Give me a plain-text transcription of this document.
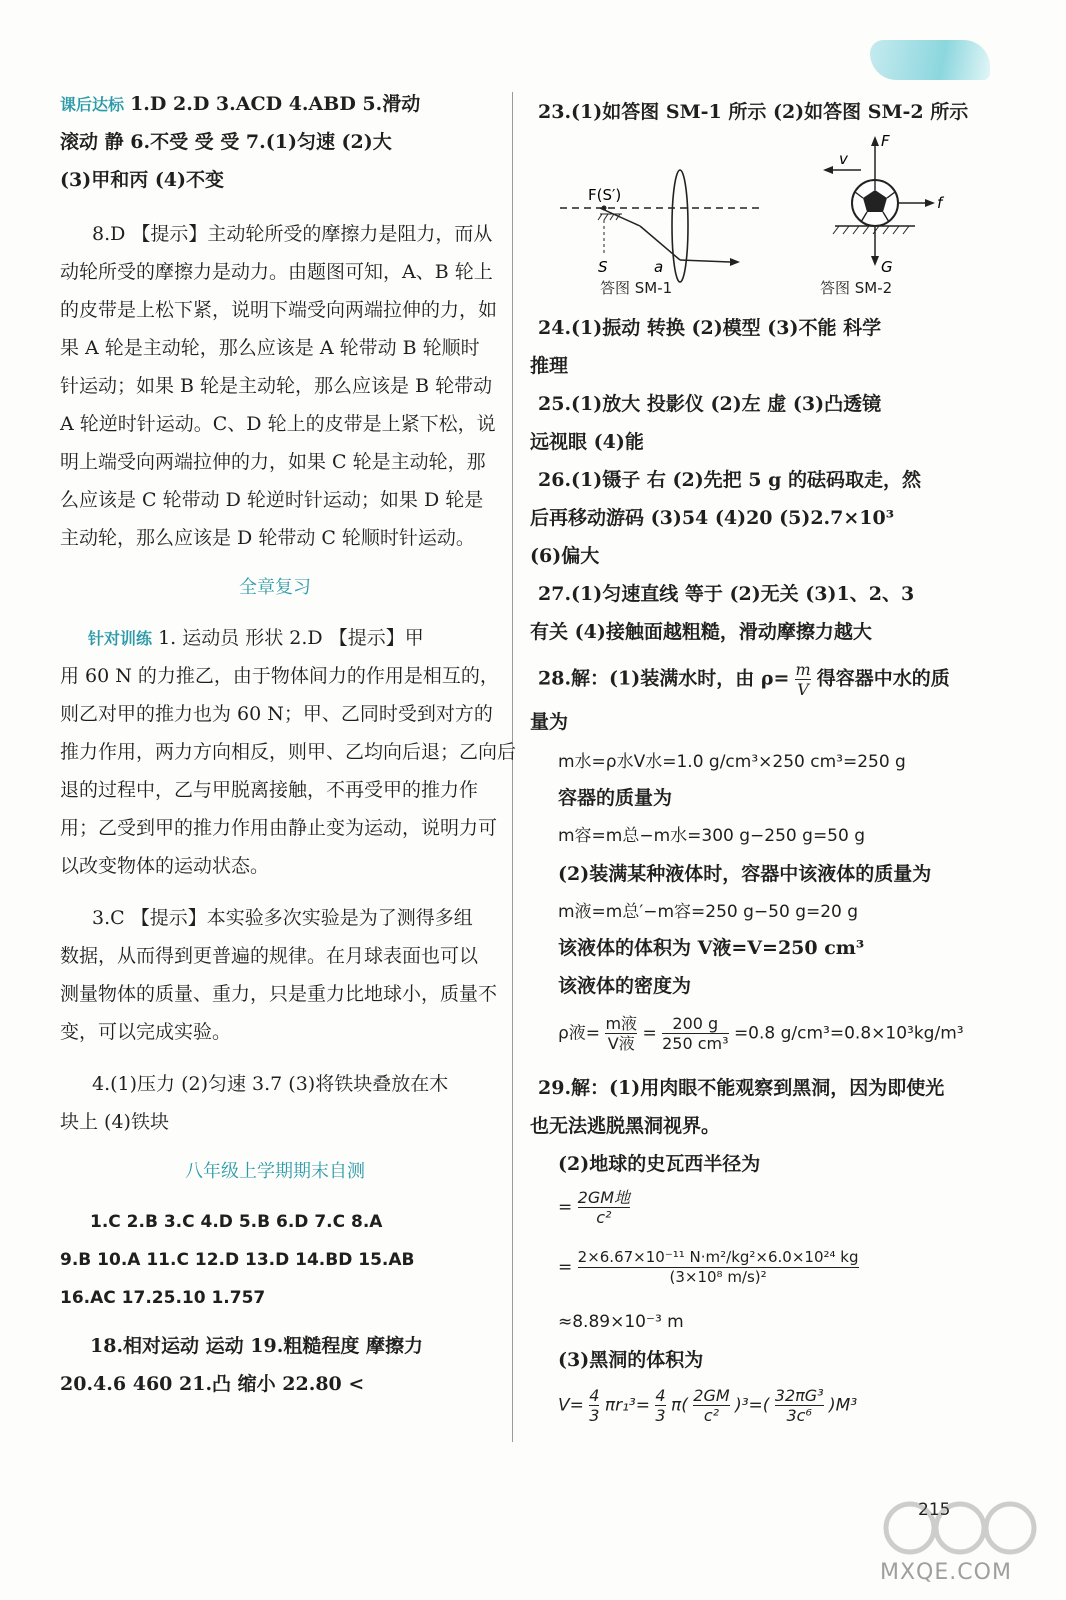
课后达标 1.D 2.D 3.ACD 4.ABD 5.滑动
滚动 静 6.不受 受 受 7.(1)匀速 (2)大
(3)甲和丙 (4)不变
8.D 【提示】主动轮所受的摩擦力是阻力，而从
动轮所受的摩擦力是动力。由题图可知，A、B 轮上
的皮带是上松下紧，说明下端受向两端拉伸的力，如
果 A 轮是主动轮，那么应该是 A 轮带动 B 轮顺时
针运动；如果 B 轮是主动轮，那么应该是 B 轮带动
A 轮逆时针运动。C、D 轮上的皮带是上紧下松，说
明上端受向两端拉伸的力，如果 C 轮是主动轮，那
么应该是 C 轮带动 D 轮逆时针运动；如果 D 轮是
主动轮，那么应该是 D 轮带动 C 轮顺时针运动。
全章复习
针对训练 1. 运动员 形状 2.D 【提示】甲
用 60 N 的力推乙，由于物体间力的作用是相互的，
则乙对甲的推力也为 60 N；甲、乙同时受到对方的
推力作用，两力方向相反，则甲、乙均向后退；乙向后
退的过程中，乙与甲脱离接触，不再受甲的推力作
用；乙受到甲的推力作用由静止变为运动，说明力可
以改变物体的运动状态。
3.C 【提示】本实验多次实验是为了测得多组
数据，从而得到更普遍的规律。在月球表面也可以
测量物体的质量、重力，只是重力比地球小，质量不
变，可以完成实验。
4.(1)压力 (2)匀速 3.7 (3)将铁块叠放在木
块上 (4)铁块
八年级上学期期末自测
1.C 2.B 3.C 4.D 5.B 6.D 7.C 8.A
9.B 10.A 11.C 12.D 13.D 14.BD 15.AB
16.AC 17.25.10 1.757
18.相对运动 运动 19.粗糙程度 摩擦力
20.4.6 460 21.凸 缩小 22.80 <
23.(1)如答图 SM-1 所示 (2)如答图 SM-2 所示
F(S′)
S	a
答图 SM-1
F
v
f
G
答图 SM-2
24.(1)振动 转换 (2)模型 (3)不能 科学
推理
25.(1)放大 投影仪 (2)左 虚 (3)凸透镜
远视眼 (4)能
26.(1)镊子 右 (2)先把 5 g 的砝码取走，然
后再移动游码 (3)54 (4)20 (5)2.7×10³
(6)偏大
27.(1)匀速直线 等于 (2)无关 (3)1、2、3
有关 (4)接触面越粗糙，滑动摩擦力越大
28.解：(1)装满水时，由 $\rho= \frac{m}{V}$ 得容器中水的质
量为
m水=ρ水V水=1.0 g/cm³×250 cm³=250 g
容器的质量为
m容=m总−m水=300 g−250 g=50 g
(2)装满某种液体时，容器中该液体的质量为
m液=m总′−m容=250 g−50 g=20 g
该液体的体积为 V液=V=250 cm³
该液体的密度为
ρ液= $\frac{\text{m液}}{\text{V液}} = \frac{200 g}{\text{250 cm³}} =0.8$ g/cm³=0.8×10³kg/m³
29.解：(1)用肉眼不能观察到黑洞，因为即使光
也无法逃脱黑洞视界。
(2)地球的史瓦西半径为
= $\frac{\text{2GM地}}{\text{c²}}$
= $\frac{\text{2×6.67×10⁻¹¹ N·m²/kg²×6.0×10²⁴ kg}}{\text{(3×10⁸ m/s)²}}$
≈8.89×10⁻³ m
(3)黑洞的体积为
$V= \frac{4}{3} \pi r_1^3= \frac{4}{3} \pi( \frac{2GM}{\text{c²}} )^3=( \frac{\text{32πG³}}{\text{3c⁶}} )M^3$
215
MXQE.COM
